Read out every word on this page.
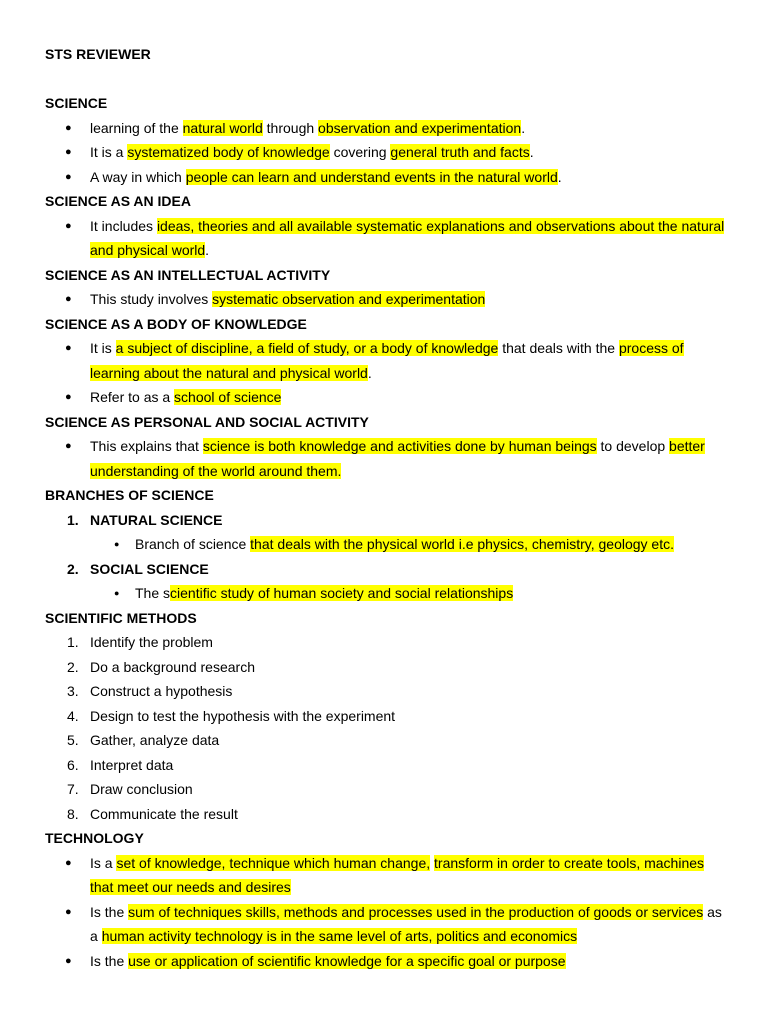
STS REVIEWER
SCIENCE
● learning of the natural world through observation and experimentation.
● It is a systematized body of knowledge covering general truth and facts.
● A way in which people can learn and understand events in the natural world.
SCIENCE AS AN IDEA
● It includes ideas, theories and all available systematic explanations and observations about the natural and physical world.
SCIENCE AS AN INTELLECTUAL ACTIVITY
● This study involves systematic observation and experimentation
SCIENCE AS A BODY OF KNOWLEDGE
● It is a subject of discipline, a field of study, or a body of knowledge that deals with the process of learning about the natural and physical world.
● Refer to as a school of science
SCIENCE AS PERSONAL AND SOCIAL ACTIVITY
● This explains that science is both knowledge and activities done by human beings to develop better understanding of the world around them.
BRANCHES OF SCIENCE
1. NATURAL SCIENCE
● Branch of science that deals with the physical world i.e physics, chemistry, geology etc.
2. SOCIAL SCIENCE
● The scientific study of human society and social relationships
SCIENTIFIC METHODS
1. Identify the problem
2. Do a background research
3. Construct a hypothesis
4. Design to test the hypothesis with the experiment
5. Gather, analyze data
6. Interpret data
7. Draw conclusion
8. Communicate the result
TECHNOLOGY
● Is a set of knowledge, technique which human change, transform in order to create tools, machines that meet our needs and desires
● Is the sum of techniques skills, methods and processes used in the production of goods or services as a human activity technology is in the same level of arts, politics and economics
● Is the use or application of scientific knowledge for a specific goal or purpose
